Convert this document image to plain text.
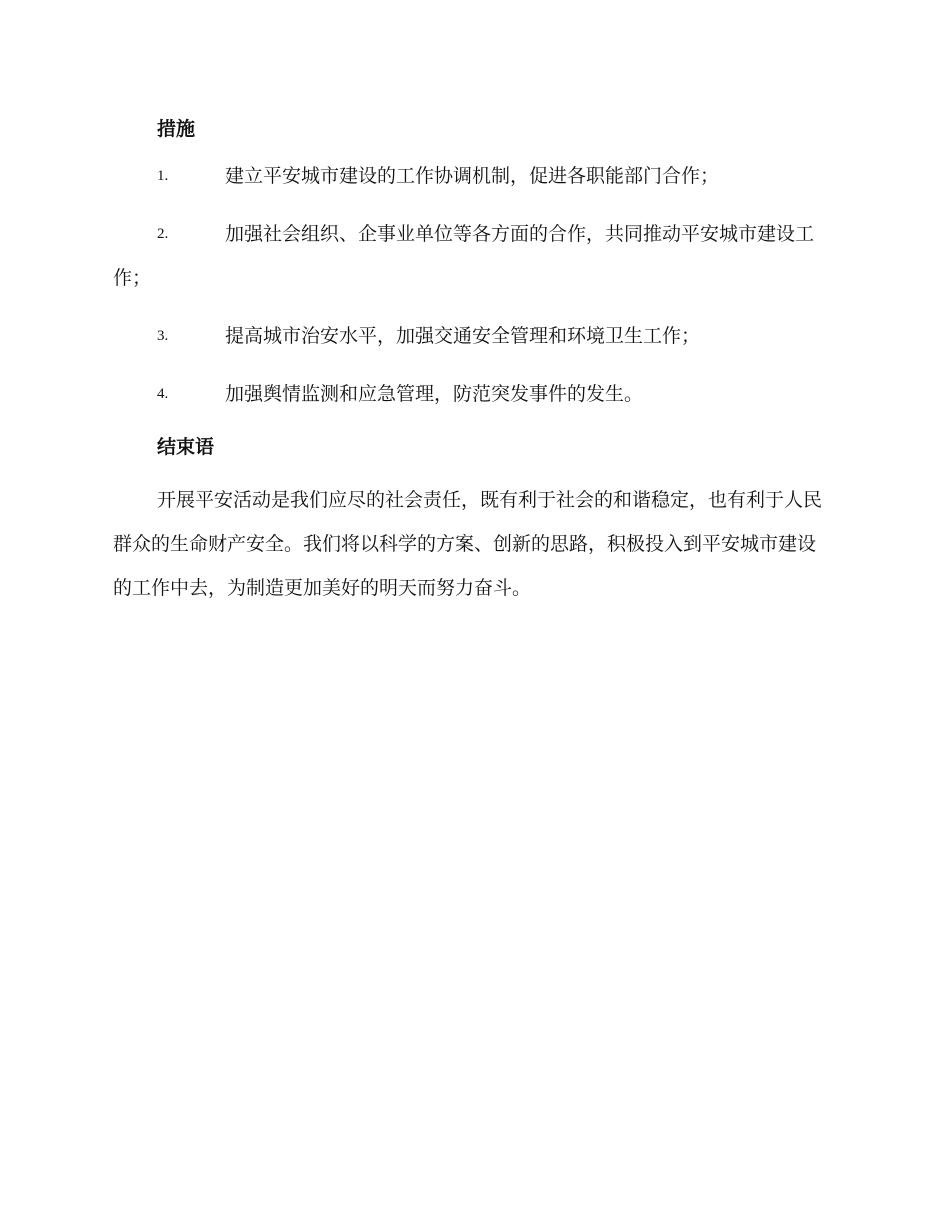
措施
1.	建立平安城市建设的工作协调机制，促进各职能部门合作；
2.	加强社会组织、企事业单位等各方面的合作，共同推动平安城市建设工作；
3.	提高城市治安水平，加强交通安全管理和环境卫生工作；
4.	加强舆情监测和应急管理，防范突发事件的发生。
结束语

开展平安活动是我们应尽的社会责任，既有利于社会的和谐稳定，也有利于人民群众的生命财产安全。我们将以科学的方案、创新的思路，积极投入到平安城市建设的工作中去，为制造更加美好的明天而努力奋斗。
